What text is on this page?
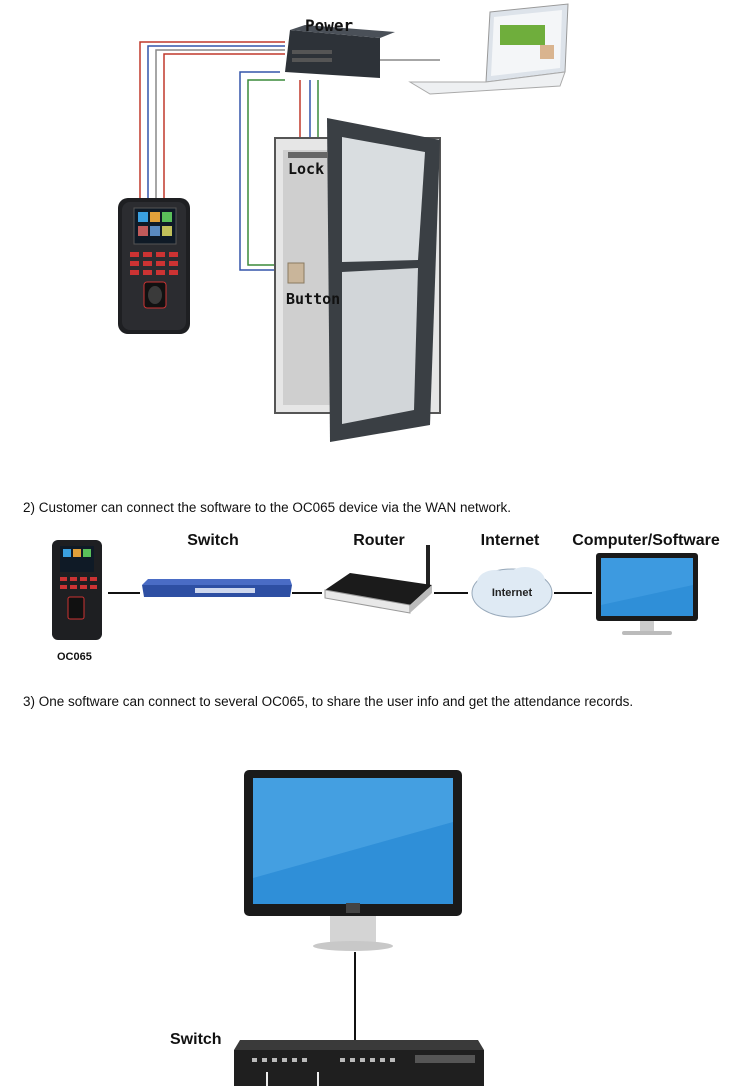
Power
Lock
Button
2) Customer can connect the software to the OC065 device via the WAN network.
Switch	Router	Internet	Computer/Software
Internet
OC065
3) One software can connect to several OC065, to share the user info and get the attendance records.
Switch
